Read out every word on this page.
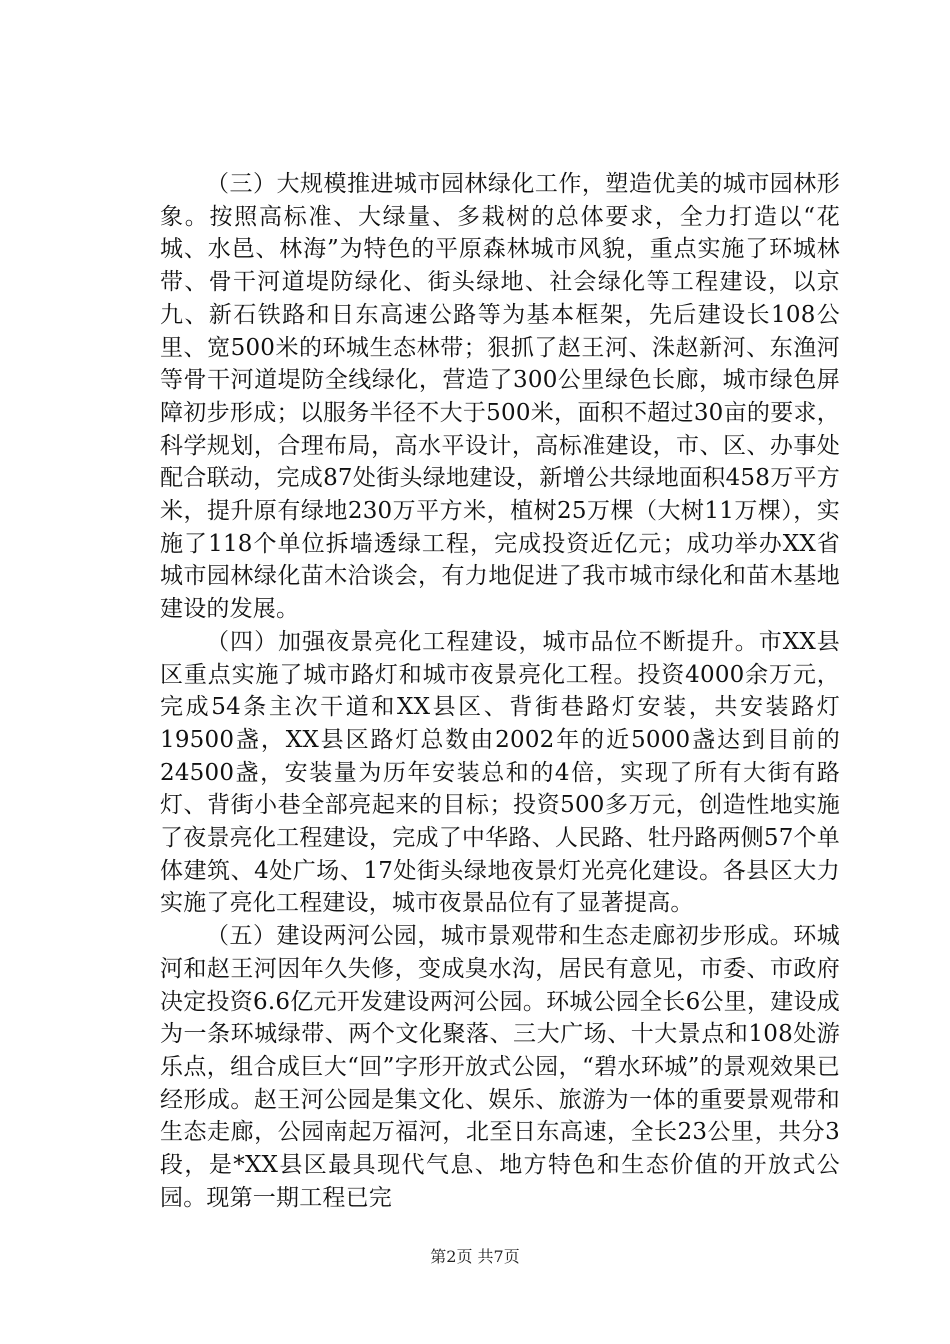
（三）大规模推进城市园林绿化工作，塑造优美的城市园林形象。按照高标准、大绿量、多栽树的总体要求，全力打造以“花城、水邑、林海”为特色的平原森林城市风貌，重点实施了环城林带、骨干河道堤防绿化、街头绿地、社会绿化等工程建设，以京九、新石铁路和日东高速公路等为基本框架，先后建设长108公里、宽500米的环城生态林带；狠抓了赵王河、洙赵新河、东渔河等骨干河道堤防全线绿化，营造了300公里绿色长廊，城市绿色屏障初步形成；以服务半径不大于500米，面积不超过30亩的要求，科学规划，合理布局，高水平设计，高标准建设，市、区、办事处配合联动，完成87处街头绿地建设，新增公共绿地面积458万平方米，提升原有绿地230万平方米，植树25万棵（大树11万棵），实施了118个单位拆墙透绿工程，完成投资近亿元；成功举办XX省城市园林绿化苗木洽谈会，有力地促进了我市城市绿化和苗木基地建设的发展。

（四）加强夜景亮化工程建设，城市品位不断提升。市XX县区重点实施了城市路灯和城市夜景亮化工程。投资4000余万元，完成54条主次干道和XX县区、背街巷路灯安装，共安装路灯19500盏，XX县区路灯总数由2002年的近5000盏达到目前的24500盏，安装量为历年安装总和的4倍，实现了所有大街有路灯、背街小巷全部亮起来的目标；投资500多万元，创造性地实施了夜景亮化工程建设，完成了中华路、人民路、牡丹路两侧57个单体建筑、4处广场、17处街头绿地夜景灯光亮化建设。各县区大力实施了亮化工程建设，城市夜景品位有了显著提高。

（五）建设两河公园，城市景观带和生态走廊初步形成。环城河和赵王河因年久失修，变成臭水沟，居民有意见，市委、市政府决定投资6.6亿元开发建设两河公园。环城公园全长6公里，建设成为一条环城绿带、两个文化聚落、三大广场、十大景点和108处游乐点，组合成巨大“回”字形开放式公园，“碧水环城”的景观效果已经形成。赵王河公园是集文化、娱乐、旅游为一体的重要景观带和生态走廊，公园南起万福河，北至日东高速，全长23公里，共分3段，是*XX县区最具现代气息、地方特色和生态价值的开放式公园。现第一期工程已完

第2页 共7页
